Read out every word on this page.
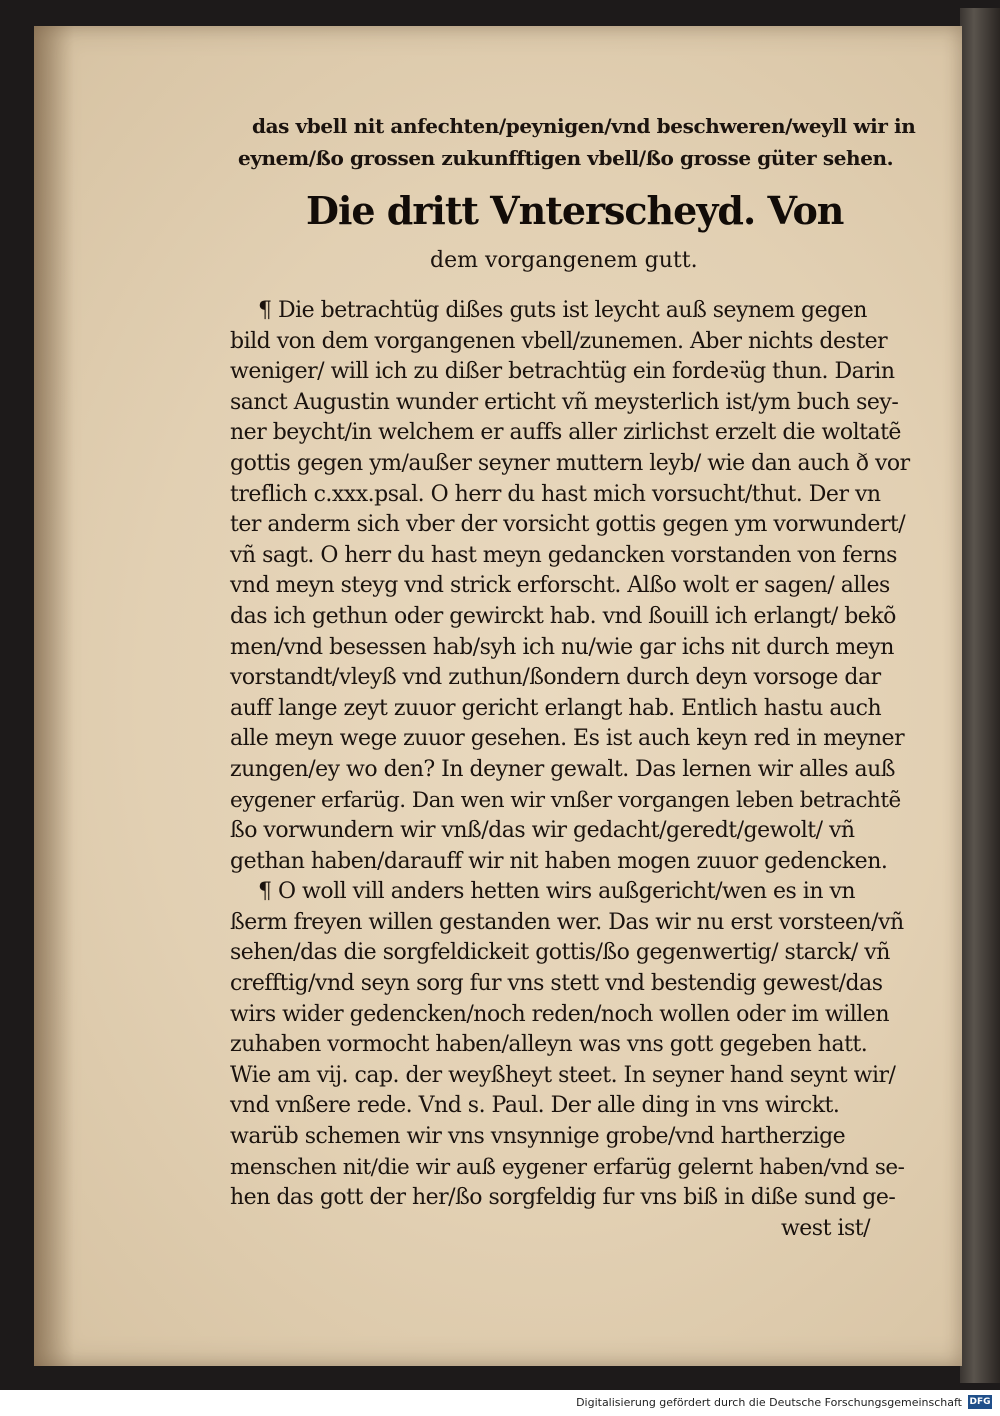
das vbell nit anfechten/peynigen/vnd beschweren/weyll wir in
eynem/ßo grossen zukunfftigen vbell/ßo grosse güter sehen.
Die dritt Vnterscheyd. Von
dem vorgangenem gutt.
¶ Die betrachtüg dißes guts ist leycht auß seynem gegen
bild von dem vorgangenen vbell/zunemen. Aber nichts dester
weniger/ will ich zu dißer betrachtüg ein fordeꝛüg thun. Darin
sanct Augustin wunder erticht vñ meysterlich ist/ym buch sey-
ner beycht/in welchem er auffs aller zirlichst erzelt die woltatẽ
gottis gegen ym/außer seyner muttern leyb/ wie dan auch ð vor
treflich c.xxx.psal. O herr du hast mich vorsucht/thut. Der vn
ter anderm sich vber der vorsicht gottis gegen ym vorwundert/
vñ sagt. O herr du hast meyn gedancken vorstanden von ferns
vnd meyn steyg vnd strick erforscht. Alßo wolt er sagen/ alles
das ich gethun oder gewirckt hab. vnd ßouill ich erlangt/ bekõ
men/vnd besessen hab/syh ich nu/wie gar ichs nit durch meyn
vorstandt/vleyß vnd zuthun/ßondern durch deyn vorsoge dar
auff lange zeyt zuuor gericht erlangt hab. Entlich hastu auch
alle meyn wege zuuor gesehen. Es ist auch keyn red in meyner
zungen/ey wo den? In deyner gewalt. Das lernen wir alles auß
eygener erfarüg. Dan wen wir vnßer vorgangen leben betrachtẽ
ßo vorwundern wir vnß/das wir gedacht/geredt/gewolt/ vñ
gethan haben/darauff wir nit haben mogen zuuor gedencken.
¶ O woll vill anders hetten wirs außgericht/wen es in vn
ßerm freyen willen gestanden wer. Das wir nu erst vorsteen/vñ
sehen/das die sorgfeldickeit gottis/ßo gegenwertig/ starck/ vñ
crefftig/vnd seyn sorg fur vns stett vnd bestendig gewest/das
wirs wider gedencken/noch reden/noch wollen oder im willen
zuhaben vormocht haben/alleyn was vns gott gegeben hatt.
Wie am vij. cap. der weyßheyt steet. In seyner hand seynt wir/
vnd vnßere rede. Vnd s. Paul. Der alle ding in vns wirckt.
warüb schemen wir vns vnsynnige grobe/vnd hartherzige
menschen nit/die wir auß eygener erfarüg gelernt haben/vnd se-
hen das gott der her/ßo sorgfeldig fur vns biß in diße sund ge-
west ist/
Digitalisierung gefördert durch die Deutsche Forschungsgemeinschaft DFG
